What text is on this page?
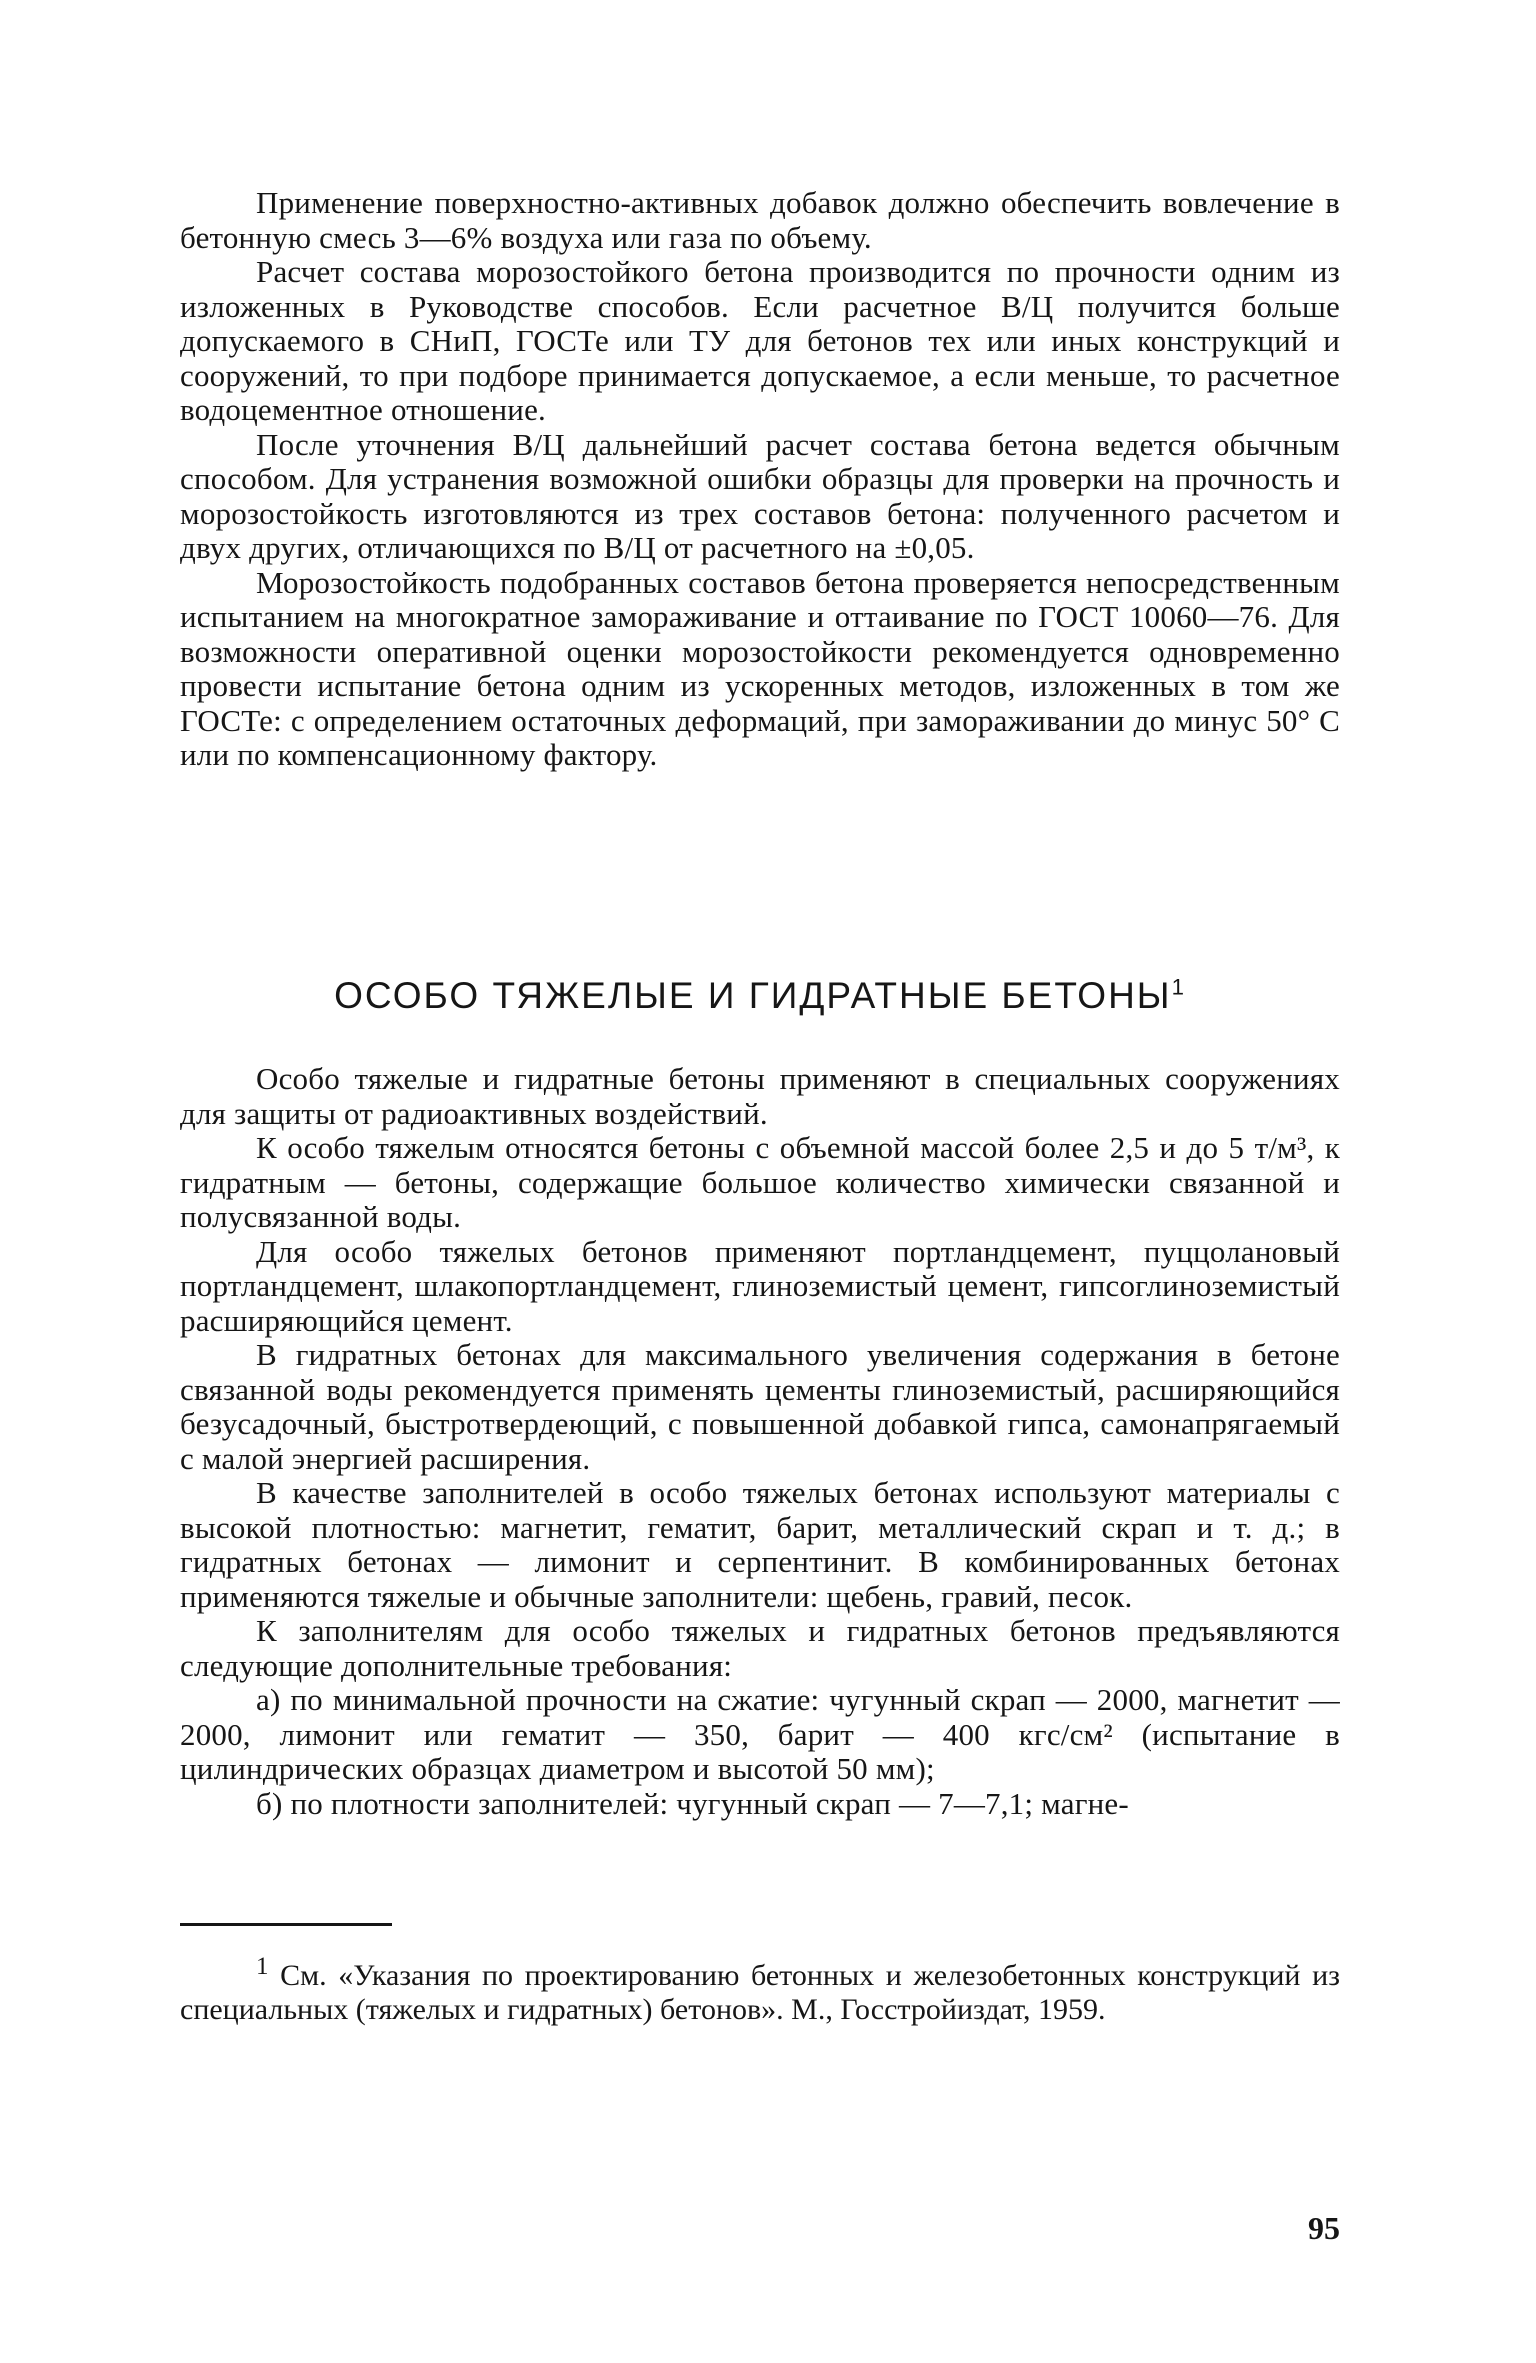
Применение поверхностно-активных добавок должно обеспечить вовлечение в бетонную смесь 3—6% воздуха или газа по объему.

Расчет состава морозостойкого бетона производится по прочности одним из изложенных в Руководстве способов. Если расчетное В/Ц получится больше допускаемого в СНиП, ГОСТе или ТУ для бетонов тех или иных конструкций и сооружений, то при подборе принимается допускаемое, а если меньше, то расчетное водоцементное отношение.

После уточнения В/Ц дальнейший расчет состава бетона ведется обычным способом. Для устранения возможной ошибки образцы для проверки на прочность и морозостойкость изготовляются из трех составов бетона: полученного расчетом и двух других, отличающихся по В/Ц от расчетного на ±0,05.

Морозостойкость подобранных составов бетона проверяется непосредственным испытанием на многократное замораживание и оттаивание по ГОСТ 10060—76. Для возможности оперативной оценки морозостойкости рекомендуется одновременно провести испытание бетона одним из ускоренных методов, изложенных в том же ГОСТе: с определением остаточных деформаций, при замораживании до минус 50° С или по компенсационному фактору.

ОСОБО ТЯЖЕЛЫЕ И ГИДРАТНЫЕ БЕТОНЫ$^1$

Особо тяжелые и гидратные бетоны применяют в специальных сооружениях для защиты от радиоактивных воздействий.

К особо тяжелым относятся бетоны с объемной массой более 2,5 и до 5 т/м³, к гидратным — бетоны, содержащие большое количество химически связанной и полусвязанной воды.

Для особо тяжелых бетонов применяют портландцемент, пуццолановый портландцемент, шлакопортландцемент, глиноземистый цемент, гипсоглиноземистый расширяющийся цемент.

В гидратных бетонах для максимального увеличения содержания в бетоне связанной воды рекомендуется применять цементы глиноземистый, расширяющийся безусадочный, быстротвердеющий, с повышенной добавкой гипса, самонапрягаемый с малой энергией расширения.

В качестве заполнителей в особо тяжелых бетонах используют материалы с высокой плотностью: магнетит, гематит, барит, металлический скрап и т. д.; в гидратных бетонах — лимонит и серпентинит. В комбинированных бетонах применяются тяжелые и обычные заполнители: щебень, гравий, песок.

К заполнителям для особо тяжелых и гидратных бетонов предъявляются следующие дополнительные требования:

а) по минимальной прочности на сжатие: чугунный скрап — 2000, магнетит — 2000, лимонит или гематит — 350, барит — 400 кгс/см² (испытание в цилиндрических образцах диаметром и высотой 50 мм);

б) по плотности заполнителей: чугунный скрап — 7—7,1; магне-

$^1$ См. «Указания по проектированию бетонных и железобетонных конструкций из специальных (тяжелых и гидратных) бетонов». М., Госстройиздат, 1959.

95
